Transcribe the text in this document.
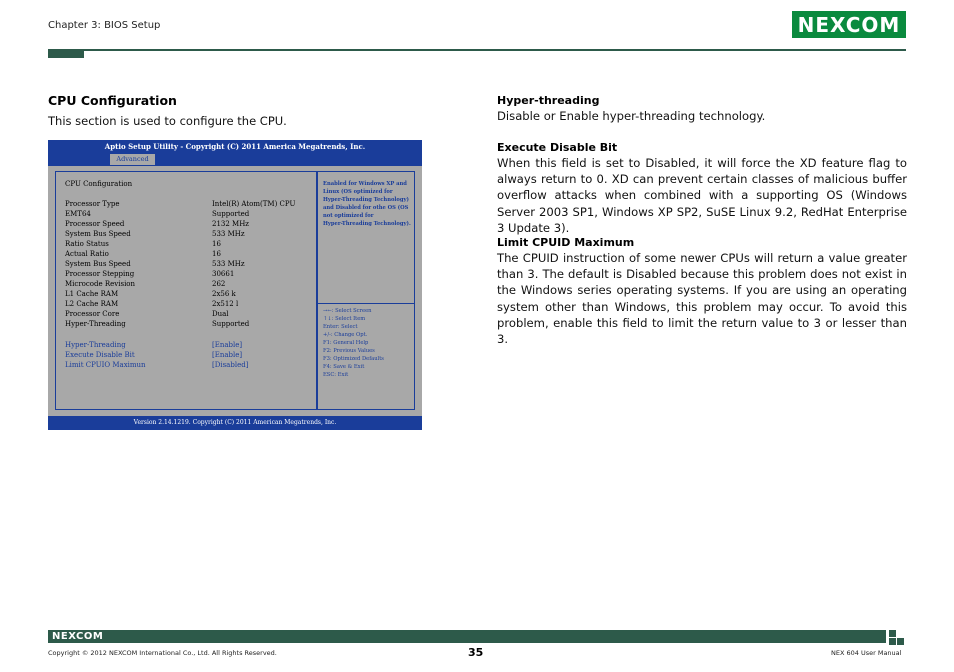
Chapter 3: BIOS Setup	NEXCOM
CPU Configuration
This section is used to configure the CPU.
Aptio Setup Utility - Copyright (C) 2011 America Megatrends, Inc.
Advanced
CPU Configuration
Processor Type	Intel(R) Atom(TM) CPU
EMT64	Supported
Processor Speed	2132 MHz
System Bus Speed	533 MHz
Ratio Status	16
Actual Ratio	16
System Bus Speed	533 MHz
Processor Stepping	30661
Microcode Revision	262
L1 Cache RAM	2x56 k
L2 Cache RAM	2x512 l
Processor Core	Dual
Hyper-Threading	Supported
Hyper-Threading	[Enable]
Execute Disable Bit	[Enable]
Limit CPUIO Maximun	[Disabled]
Enabled for Windows XP and
Linux (OS optimized for
Hyper-Threading Technology)
and Disabled for othe OS (OS
not optimized for
Hyper-Threading Technology).
→←: Select Screen
↑↓: Select Item
Enter: Select
+/-: Change Opt.
F1: General Help
F2: Previous Values
F3: Optimized Defaults
F4: Save & Exit
ESC: Exit
Version 2.14.1219. Copyright (C) 2011 American Megatrends, Inc.
Hyper-threading
Disable or Enable hyper-threading technology.
Execute Disable Bit
When this field is set to Disabled, it will force the XD feature flag to always return to 0. XD can prevent certain classes of malicious buffer overflow attacks when combined with a supporting OS (Windows Server 2003 SP1, Windows XP SP2, SuSE Linux 9.2, RedHat Enterprise 3 Update 3).
Limit CPUID Maximum
The CPUID instruction of some newer CPUs will return a value greater than 3. The default is Disabled because this problem does not exist in the Windows series operating systems. If you are using an operating system other than Windows, this problem may occur. To avoid this problem, enable this field to limit the return value to 3 or lesser than 3.
NEXCOM
Copyright © 2012 NEXCOM International Co., Ltd. All Rights Reserved.	35	NEX 604 User Manual
